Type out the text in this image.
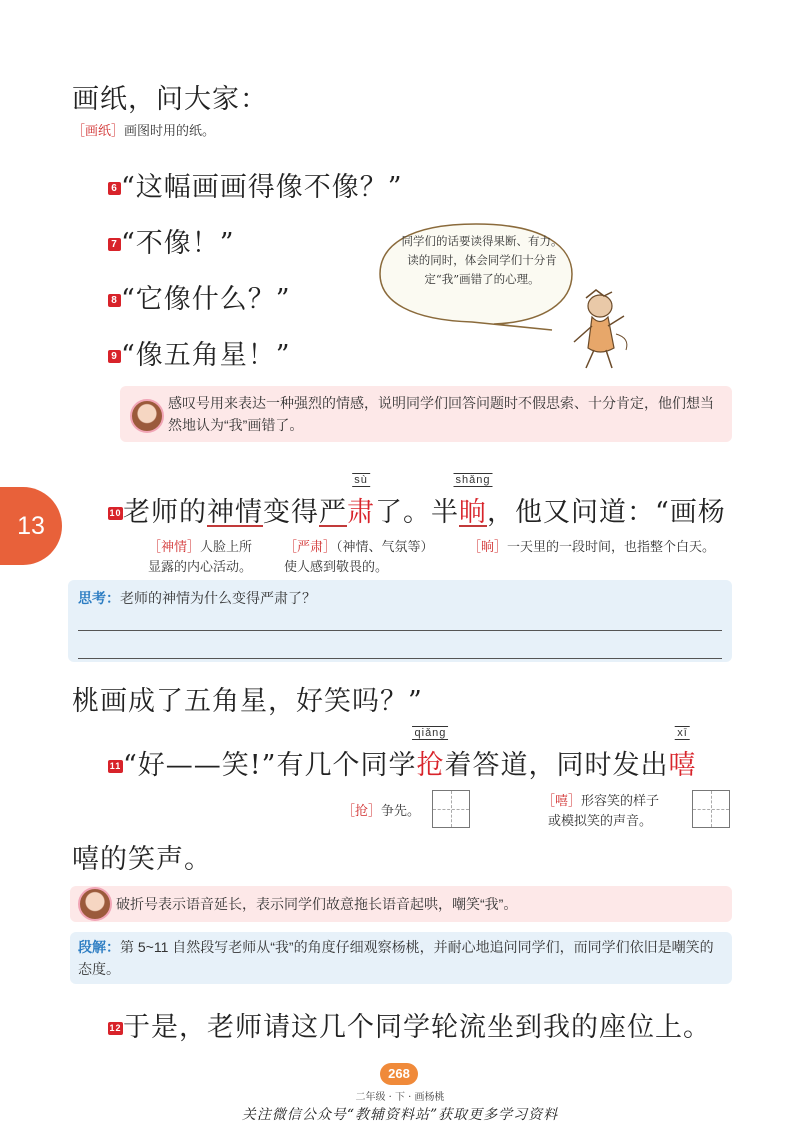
画纸，问大家：
［画纸］画图时用的纸。
6 “这幅画画得像不像？”
7 “不像！”
8 “它像什么？”
9 “像五角星！”
同学们的话要读得果断、有力。读的同时，体会同学们十分肯定“我”画错了的心理。
感叹号用来表达一种强烈的情感，说明同学们回答问题时不假思索、十分肯定，他们想当然地认为“我”画错了。
13	10老师的神情变得严
sù
肃了。半
shǎng
晌，他又问道：“画杨
［神情］人脸上所 ［严肃］（神情、气氛等）	［晌］一天里的一段时间，也指整个白天。
显露的内心活动。 使人感到敬畏的。
思考：老师的神情为什么变得严肃了？
桃画成了五角星，好笑吗？”
11“好——笑!”有几个同学
qiǎng
抢着答道，同时发出
xī
嘻
［抢］争先。
［嘻］形容笑的样子
或模拟笑的声音。
嘻的笑声。
破折号表示语音延长，表示同学们故意拖长语音起哄，嘲笑“我”。
段解：第 5~11 自然段写老师从“我”的角度仔细观察杨桃，并耐心地追问同学们，而同学们依旧是嘲笑的态度。
12于是，老师请这几个同学轮流坐到我的座位上。
268
二年级 · 下 · 画杨桃
关注微信公众号“教辅资料站”获取更多学习资料
